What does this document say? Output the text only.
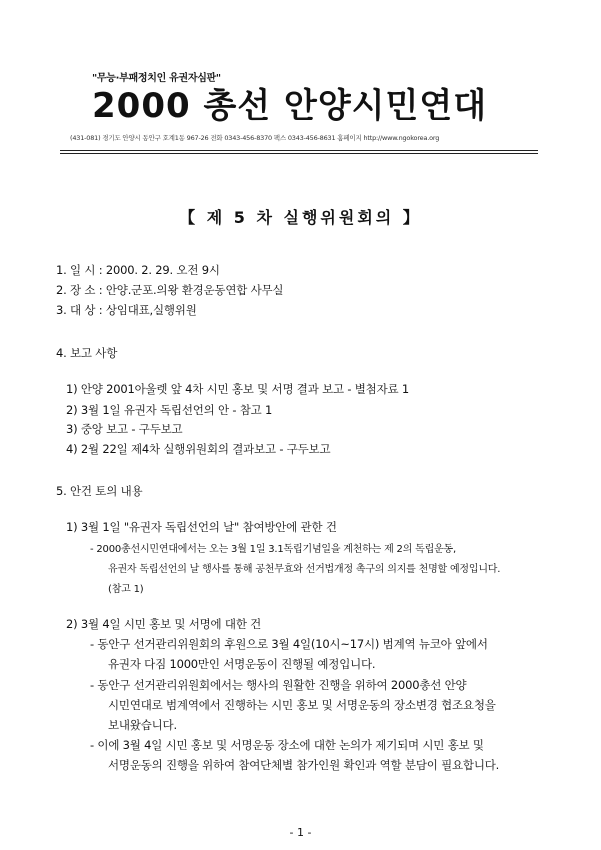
"무능·부패정치인 유권자심판"
2000 총선 안양시민연대
(431-081) 경기도 안양시 동안구 호계1동 967-26 전화 0343-456-8370 팩스 0343-456-8631 홈페이지 http://www.ngokorea.org
【 제 5 차 실행위원회의 】
1. 일 시 : 2000. 2. 29. 오전 9시
2. 장 소 : 안양.군포.의왕 환경운동연합 사무실
3. 대 상 : 상임대표,실행위원
4. 보고 사항
1) 안양 2001아울렛 앞 4차 시민 홍보 및 서명 결과 보고 - 별첨자료 1
2) 3월 1일 유권자 독립선언의 안 - 참고 1
3) 중앙 보고 - 구두보고
4) 2월 22일 제4차 실행위원회의 결과보고 - 구두보고
5. 안건 토의 내용
1) 3월 1일 "유권자 독립선언의 날" 참여방안에 관한 건
- 2000총선시민연대에서는 오는 3월 1일 3.1독립기념일을 계천하는 제 2의 독립운동,
유권자 독립선언의 날 행사를 통해 공천무효와 선거법개정 촉구의 의지를 천명할 예정입니다.
(참고 1)
2) 3월 4일 시민 홍보 및 서명에 대한 건
- 동안구 선거관리위원회의 후원으로 3월 4일(10시~17시) 범계역 뉴코아 앞에서
유권자 다짐 1000만인 서명운동이 진행될 예정입니다.
- 동안구 선거관리위원회에서는 행사의 원활한 진행을 위하여 2000총선 안양
시민연대로 범계역에서 진행하는 시민 홍보 및 서명운동의 장소변경 협조요청을
보내왔습니다.
- 이에 3월 4일 시민 홍보 및 서명운동 장소에 대한 논의가 제기되며 시민 홍보 및
서명운동의 진행을 위하여 참여단체별 참가인원 확인과 역할 분담이 필요합니다.
- 1 -
